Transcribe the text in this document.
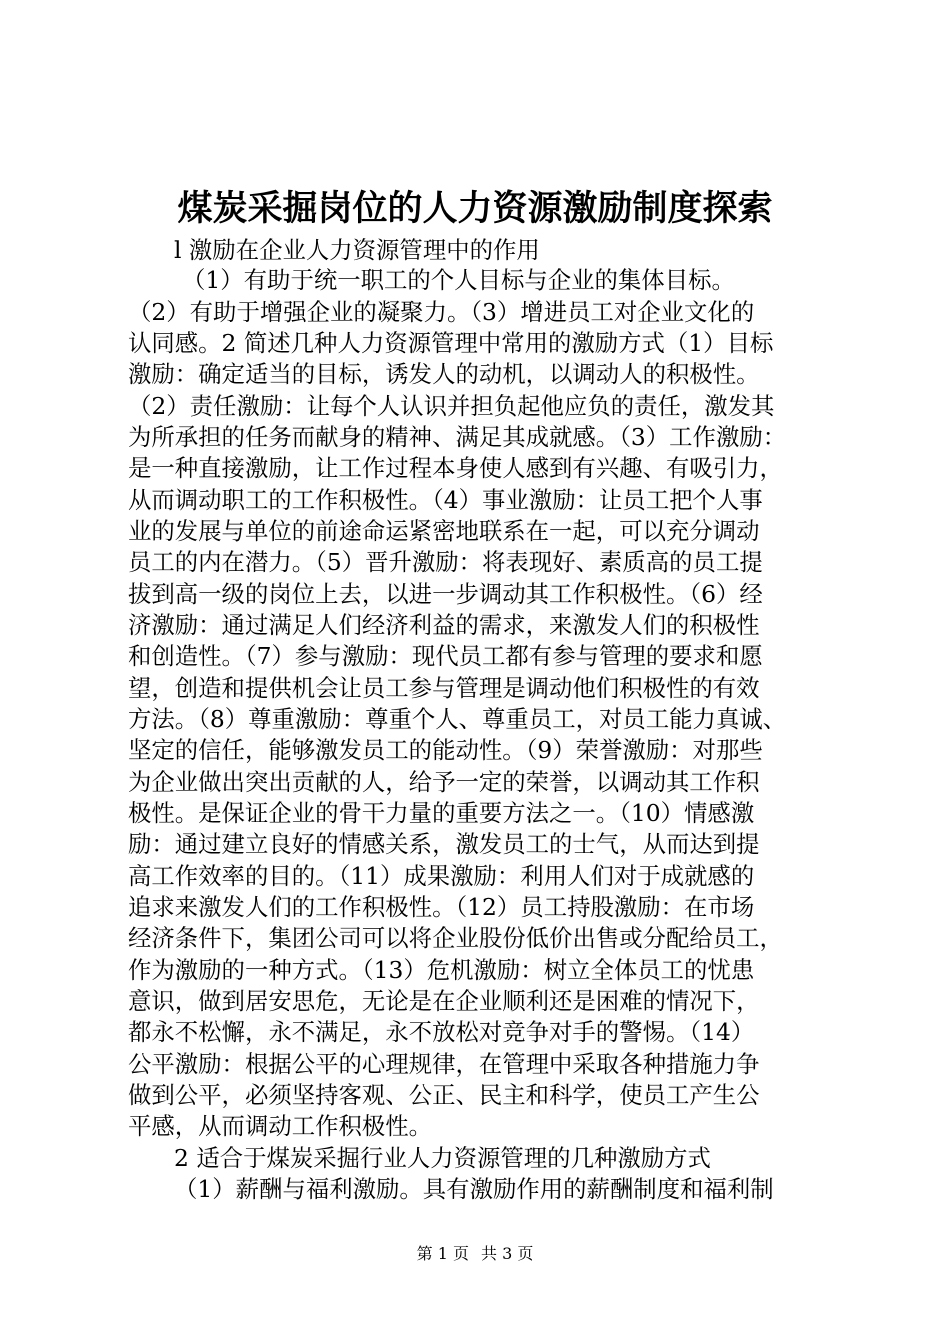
煤炭采掘岗位的人力资源激励制度探索

l 激励在企业人力资源管理中的作用

（1）有助于统一职工的个人目标与企业的集体目标。

（2）有助于增强企业的凝聚力。（3）增进员工对企业文化的

认同感。2 简述几种人力资源管理中常用的激励方式（1）目标

激励：确定适当的目标，诱发人的动机，以调动人的积极性。

（2）责任激励：让每个人认识并担负起他应负的责任，激发其

为所承担的任务而献身的精神、满足其成就感。（3）工作激励：

是一种直接激励，让工作过程本身使人感到有兴趣、有吸引力，

从而调动职工的工作积极性。（4）事业激励：让员工把个人事

业的发展与单位的前途命运紧密地联系在一起，可以充分调动

员工的内在潜力。（5）晋升激励：将表现好、素质高的员工提

拔到高一级的岗位上去，以进一步调动其工作积极性。（6）经

济激励：通过满足人们经济利益的需求，来激发人们的积极性

和创造性。（7）参与激励：现代员工都有参与管理的要求和愿

望，创造和提供机会让员工参与管理是调动他们积极性的有效

方法。（8）尊重激励：尊重个人、尊重员工，对员工能力真诚、

坚定的信任，能够激发员工的能动性。（9）荣誉激励：对那些

为企业做出突出贡献的人，给予一定的荣誉，以调动其工作积

极性。是保证企业的骨干力量的重要方法之一。（10）情感激

励：通过建立良好的情感关系，激发员工的士气，从而达到提

高工作效率的目的。（11）成果激励：利用人们对于成就感的

追求来激发人们的工作积极性。（12）员工持股激励：在市场

经济条件下，集团公司可以将企业股份低价出售或分配给员工，

作为激励的一种方式。（13）危机激励：树立全体员工的忧患

意识，做到居安思危，无论是在企业顺利还是困难的情况下，

都永不松懈，永不满足，永不放松对竞争对手的警惕。（14）

公平激励：根据公平的心理规律，在管理中采取各种措施力争

做到公平，必须坚持客观、公正、民主和科学，使员工产生公

平感，从而调动工作积极性。

2 适合于煤炭采掘行业人力资源管理的几种激励方式

（1）薪酬与福利激励。具有激励作用的薪酬制度和福利制

第 1 页 共 3 页
